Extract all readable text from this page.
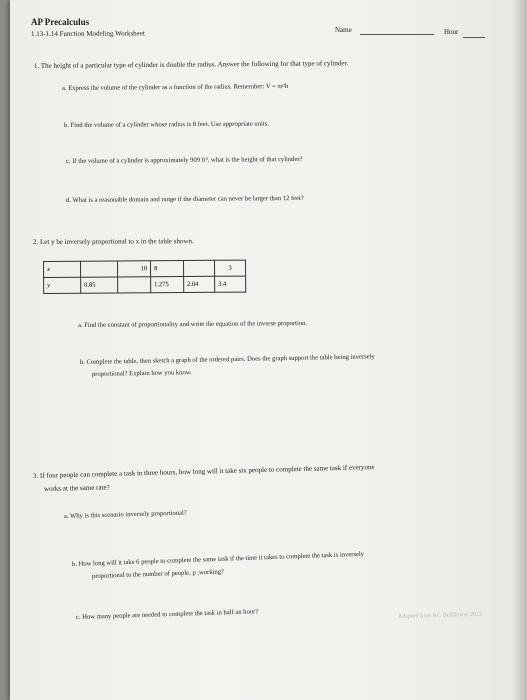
AP Precalculus
1.13-1.14 Function Modeling Worksheet	Name	Hour
1. The height of a particular type of cylinder is double the radius. Answer the following for that type of cylinder.
a. Express the volume of the cylinder as a function of the radius. Remember: V = πr²h
b. Find the volume of a cylinder whose radius is 8 feet. Use appropriate units.
c. If the volume of a cylinder is approximately 909 ft³, what is the height of that cylinder?
d. What is a reasonable domain and range if the diameter can never be larger than 12 feet?
2. Let y be inversely proportional to x in the table shown.
x		10	8		3
y	0.85		1.275	2.04	3.4
a. Find the constant of proportionality and write the equation of the inverse proportion.
b. Complete the table, then sketch a graph of the ordered pairs. Does the graph support the table being inversely
proportional? Explain how you know.
3. If four people can complete a task in three hours, how long will it take six people to complete the same task if everyone
works at the same rate?
a. Why is this scenario inversely proportional?
b. How long will it take 6 people to complete the same task if the time it takes to complete the task is inversely
proportional to the number of people, p ,working?
c. How many people are needed to complete the task in half an hour?	Adapted from KC Bellflower 2023
